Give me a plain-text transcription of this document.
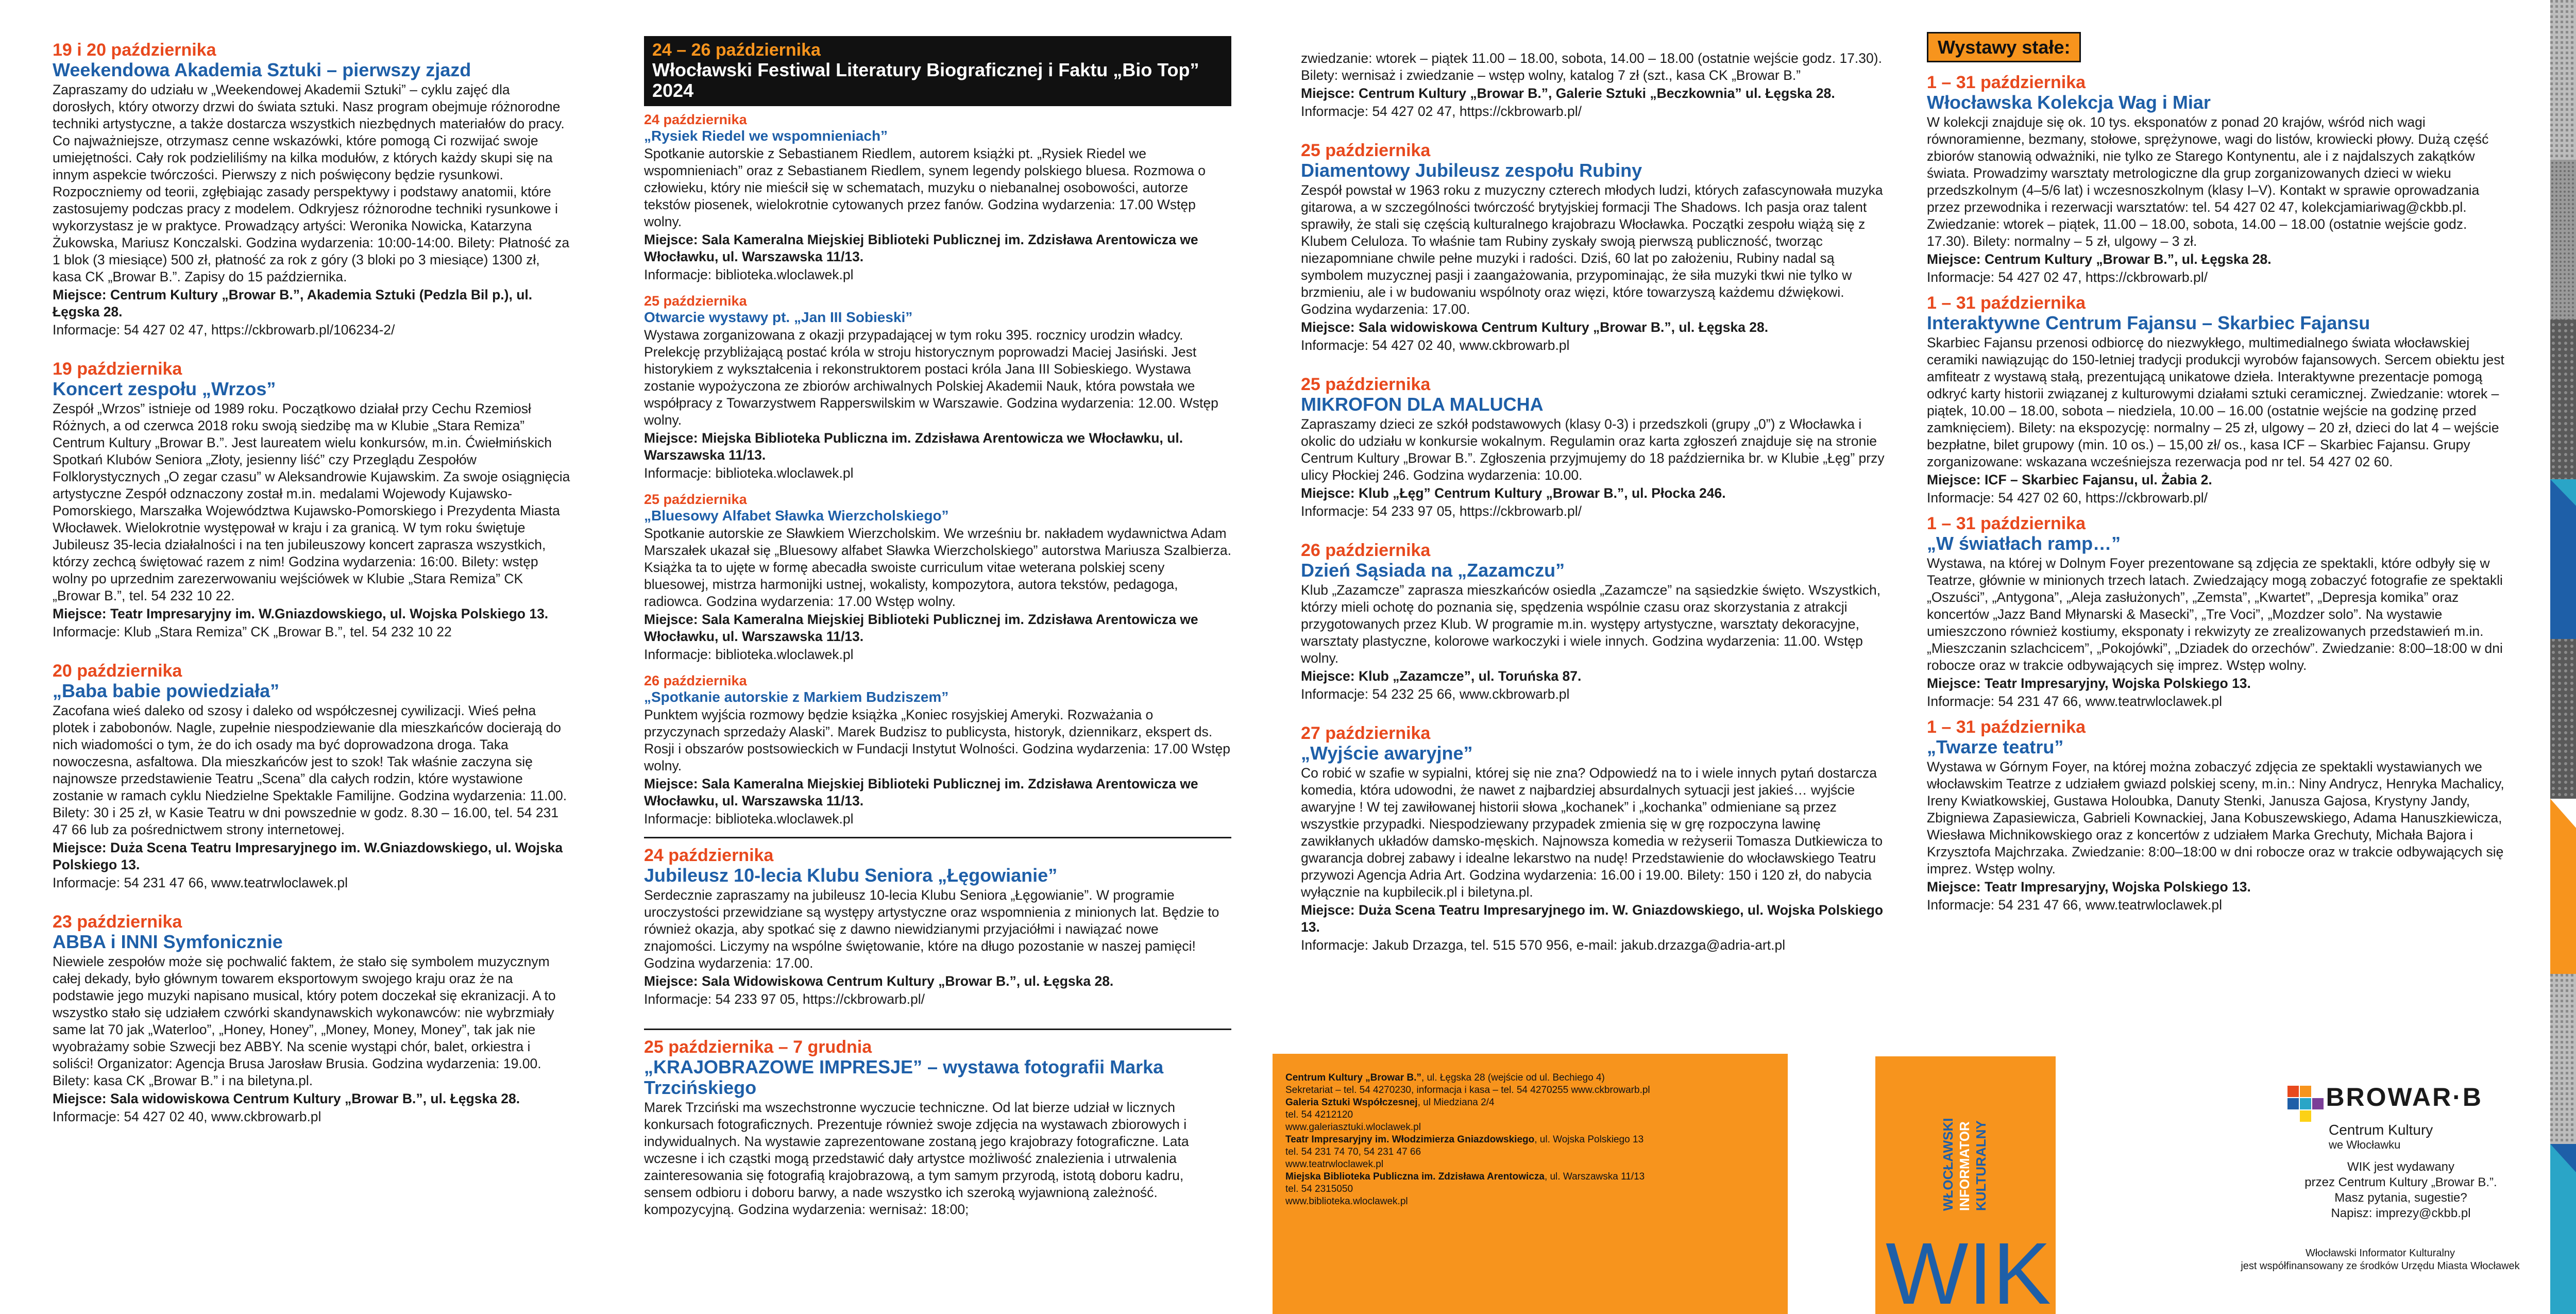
19 i 20 października
Weekendowa Akademia Sztuki – pierwszy zjazd
Zapraszamy do udziału w „Weekendowej Akademii Sztuki” – cyklu zajęć dla dorosłych, który otworzy drzwi do świata sztuki. Nasz program obejmuje różnorodne techniki artystyczne, a także dostarcza wszystkich niezbędnych materiałów do pracy. Co najważniejsze, otrzymasz cenne wskazówki, które pomogą Ci rozwijać swoje umiejętności. Cały rok podzieliliśmy na kilka modułów, z których każdy skupi się na innym aspekcie twórczości. Pierwszy z nich poświęcony będzie rysunkowi. Rozpoczniemy od teorii, zgłębiając zasady perspektywy i podstawy anatomii, które zastosujemy podczas pracy z modelem. Odkryjesz różnorodne techniki rysunkowe i wykorzystasz je w praktyce. Prowadzący artyści: Weronika Nowicka, Katarzyna Żukowska, Mariusz Konczalski. Godzina wydarzenia: 10:00-14:00. Bilety: Płatność za 1 blok (3 miesiące) 500 zł, płatność za rok z góry (3 bloki po 3 miesiące) 1300 zł, kasa CK „Browar B.”. Zapisy do 15 października.
Miejsce: Centrum Kultury „Browar B.”, Akademia Sztuki (Pedzla Bil p.), ul. Łęgska 28.
Informacje: 54 427 02 47, https://ckbrowarb.pl/106234-2/
19 października
Koncert zespołu „Wrzos”
Zespół „Wrzos” istnieje od 1989 roku. Początkowo działał przy Cechu Rzemiosł Różnych, a od czerwca 2018 roku swoją siedzibę ma w Klubie „Stara Remiza” Centrum Kultury „Browar B.”. Jest laureatem wielu konkursów, m.in. Ćwiełmińskich Spotkań Klubów Seniora „Złoty, jesienny liść” czy Przeglądu Zespołów Folklorystycznych „O zegar czasu” w Aleksandrowie Kujawskim. Za swoje osiągnięcia artystyczne Zespół odznaczony został m.in. medalami Wojewody Kujawsko-Pomorskiego, Marszałka Województwa Kujawsko-Pomorskiego i Prezydenta Miasta Włocławek. Wielokrotnie występował w kraju i za granicą. W tym roku świętuje Jubileusz 35-lecia działalności i na ten jubileuszowy koncert zaprasza wszystkich, którzy zechcą świętować razem z nim! Godzina wydarzenia: 16:00. Bilety: wstęp wolny po uprzednim zarezerwowaniu wejściówek w Klubie „Stara Remiza” CK „Browar B.”, tel. 54 232 10 22.
Miejsce: Teatr Impresaryjny im. W.Gniazdowskiego, ul. Wojska Polskiego 13.
Informacje: Klub „Stara Remiza” CK „Browar B.”, tel. 54 232 10 22
20 października
„Baba babie powiedziała”
Zacofana wieś daleko od szosy i daleko od współczesnej cywilizacji. Wieś pełna plotek i zabobonów. Nagle, zupełnie niespodziewanie dla mieszkańców docierają do nich wiadomości o tym, że do ich osady ma być doprowadzona droga. Taka nowoczesna, asfaltowa. Dla mieszkańców jest to szok! Tak właśnie zaczyna się najnowsze przedstawienie Teatru „Scena” dla całych rodzin, które wystawione zostanie w ramach cyklu Niedzielne Spektakle Familijne. Godzina wydarzenia: 11.00. Bilety: 30 i 25 zł, w Kasie Teatru w dni powszednie w godz. 8.30 – 16.00, tel. 54 231 47 66 lub za pośrednictwem strony internetowej.
Miejsce: Duża Scena Teatru Impresaryjnego im. W.Gniazdowskiego, ul. Wojska Polskiego 13.
Informacje: 54 231 47 66, www.teatrwloclawek.pl
23 października
ABBA i INNI Symfonicznie
Niewiele zespołów może się pochwalić faktem, że stało się symbolem muzycznym całej dekady, było głównym towarem eksportowym swojego kraju oraz że na podstawie jego muzyki napisano musical, który potem doczekał się ekranizacji. A to wszystko stało się udziałem czwórki skandynawskich wykonawców: nie wybrzmiały same lat 70 jak „Waterloo”, „Honey, Honey”, „Money, Money, Money”, tak jak nie wyobrażamy sobie Szwecji bez ABBY. Na scenie wystąpi chór, balet, orkiestra i soliści! Organizator: Agencja Brusa Jarosław Brusia. Godzina wydarzenia: 19.00. Bilety: kasa CK „Browar B.” i na biletyna.pl.
Miejsce: Sala widowiskowa Centrum Kultury „Browar B.”, ul. Łęgska 28.
Informacje: 54 427 02 40, www.ckbrowarb.pl
24 – 26 października
Włocławski Festiwal Literatury Biograficznej i Faktu „Bio Top” 2024
24 października
„Rysiek Riedel we wspomnieniach”
Spotkanie autorskie z Sebastianem Riedlem, autorem książki pt. „Rysiek Riedel we wspomnieniach” oraz z Sebastianem Riedlem, synem legendy polskiego bluesa. Rozmowa o człowieku, który nie mieścił się w schematach, muzyku o niebanalnej osobowości, autorze tekstów piosenek, wielokrotnie cytowanych przez fanów. Godzina wydarzenia: 17.00 Wstęp wolny.
Miejsce: Sala Kameralna Miejskiej Biblioteki Publicznej im. Zdzisława Arentowicza we Włocławku, ul. Warszawska 11/13.
Informacje: biblioteka.wloclawek.pl
25 października
Otwarcie wystawy pt. „Jan III Sobieski”
Wystawa zorganizowana z okazji przypadającej w tym roku 395. rocznicy urodzin władcy. Prelekcję przybliżającą postać króla w stroju historycznym poprowadzi Maciej Jasiński. Jest historykiem z wykształcenia i rekonstruktorem postaci króla Jana III Sobieskiego. Wystawa zostanie wypożyczona ze zbiorów archiwalnych Polskiej Akademii Nauk, która powstała we współpracy z Towarzystwem Rapperswilskim w Warszawie. Godzina wydarzenia: 12.00. Wstęp wolny.
Miejsce: Miejska Biblioteka Publiczna im. Zdzisława Arentowicza we Włocławku, ul. Warszawska 11/13.
Informacje: biblioteka.wloclawek.pl
25 października
„Bluesowy Alfabet Sławka Wierzcholskiego”
Spotkanie autorskie ze Sławkiem Wierzcholskim. We wrześniu br. nakładem wydawnictwa Adam Marszałek ukazał się „Bluesowy alfabet Sławka Wierzcholskiego” autorstwa Mariusza Szalbierza. Książka ta to ujęte w formę abecadła swoiste curriculum vitae weterana polskiej sceny bluesowej, mistrza harmonijki ustnej, wokalisty, kompozytora, autora tekstów, pedagoga, radiowca. Godzina wydarzenia: 17.00 Wstęp wolny.
Miejsce: Sala Kameralna Miejskiej Biblioteki Publicznej im. Zdzisława Arentowicza we Włocławku, ul. Warszawska 11/13.
Informacje: biblioteka.wloclawek.pl
26 października
„Spotkanie autorskie z Markiem Budziszem”
Punktem wyjścia rozmowy będzie książka „Koniec rosyjskiej Ameryki. Rozważania o przyczynach sprzedaży Alaski”. Marek Budzisz to publicysta, historyk, dziennikarz, ekspert ds. Rosji i obszarów postsowieckich w Fundacji Instytut Wolności. Godzina wydarzenia: 17.00 Wstęp wolny.
Miejsce: Sala Kameralna Miejskiej Biblioteki Publicznej im. Zdzisława Arentowicza we Włocławku, ul. Warszawska 11/13.
Informacje: biblioteka.wloclawek.pl
24 października
Jubileusz 10-lecia Klubu Seniora „Łęgowianie”
Serdecznie zapraszamy na jubileusz 10-lecia Klubu Seniora „Łęgowianie”. W programie uroczystości przewidziane są występy artystyczne oraz wspomnienia z minionych lat. Będzie to również okazja, aby spotkać się z dawno niewidzianymi przyjaciółmi i nawiązać nowe znajomości. Liczymy na wspólne świętowanie, które na długo pozostanie w naszej pamięci! Godzina wydarzenia: 17.00.
Miejsce: Sala Widowiskowa Centrum Kultury „Browar B.”, ul. Łęgska 28.
Informacje: 54 233 97 05, https://ckbrowarb.pl/
25 października – 7 grudnia
„KRAJOBRAZOWE IMPRESJE” – wystawa fotografii Marka Trzcińskiego
Marek Trzciński ma wszechstronne wyczucie techniczne. Od lat bierze udział w licznych konkursach fotograficznych. Prezentuje również swoje zdjęcia na wystawach zbiorowych i indywidualnych. Na wystawie zaprezentowane zostaną jego krajobrazy fotograficzne. Lata wczesne i ich cząstki mogą przedstawić dały artystce możliwość znalezienia i utrwalenia zainteresowania się fotografią krajobrazową, a tym samym przyrodą, istotą doboru kadru, sensem odbioru i doboru barwy, a nade wszystko ich szeroką wyjawnioną zależność. kompozycyjną. Godzina wydarzenia: wernisaż: 18:00;
zwiedzanie: wtorek – piątek 11.00 – 18.00, sobota, 14.00 – 18.00 (ostatnie wejście godz. 17.30). Bilety: wernisaż i zwiedzanie – wstęp wolny, katalog 7 zł (szt., kasa CK „Browar B.”
Miejsce: Centrum Kultury „Browar B.”, Galerie Sztuki „Beczkownia” ul. Łęgska 28.
Informacje: 54 427 02 47, https://ckbrowarb.pl/
25 października
Diamentowy Jubileusz zespołu Rubiny
Zespół powstał w 1963 roku z muzyczny czterech młodych ludzi, których zafascynowała muzyka gitarowa, a w szczególności twórczość brytyjskiej formacji The Shadows. Ich pasja oraz talent sprawiły, że stali się częścią kulturalnego krajobrazu Włocławka. Początki zespołu wiążą się z Klubem Celuloza. To właśnie tam Rubiny zyskały swoją pierwszą publiczność, tworząc niezapomniane chwile pełne muzyki i radości. Dziś, 60 lat po założeniu, Rubiny nadal są symbolem muzycznej pasji i zaangażowania, przypominając, że siła muzyki tkwi nie tylko w brzmieniu, ale i w budowaniu wspólnoty oraz więzi, które towarzyszą każdemu dźwiękowi. Godzina wydarzenia: 17.00.
Miejsce: Sala widowiskowa Centrum Kultury „Browar B.”, ul. Łęgska 28.
Informacje: 54 427 02 40, www.ckbrowarb.pl
25 października
MIKROFON DLA MALUCHA
Zapraszamy dzieci ze szkół podstawowych (klasy 0-3) i przedszkoli (grupy „0”) z Włocławka i okolic do udziału w konkursie wokalnym. Regulamin oraz karta zgłoszeń znajduje się na stronie Centrum Kultury „Browar B.”. Zgłoszenia przyjmujemy do 18 października br. w Klubie „Łęg” przy ulicy Płockiej 246. Godzina wydarzenia: 10.00.
Miejsce: Klub „Łęg” Centrum Kultury „Browar B.”, ul. Płocka 246.
Informacje: 54 233 97 05, https://ckbrowarb.pl/
26 października
Dzień Sąsiada na „Zazamczu”
Klub „Zazamcze” zaprasza mieszkańców osiedla „Zazamcze” na sąsiedzkie święto. Wszystkich, którzy mieli ochotę do poznania się, spędzenia wspólnie czasu oraz skorzystania z atrakcji przygotowanych przez Klub. W programie m.in. występy artystyczne, warsztaty dekoracyjne, warsztaty plastyczne, kolorowe warkoczyki i wiele innych. Godzina wydarzenia: 11.00. Wstęp wolny.
Miejsce: Klub „Zazamcze”, ul. Toruńska 87.
Informacje: 54 232 25 66, www.ckbrowarb.pl
27 października
„Wyjście awaryjne”
Co robić w szafie w sypialni, której się nie zna? Odpowiedź na to i wiele innych pytań dostarcza komedia, która udowodni, że nawet z najbardziej absurdalnych sytuacji jest jakieś… wyjście awaryjne ! W tej zawiłowanej historii słowa „kochanek” i „kochanka” odmieniane są przez wszystkie przypadki. Niespodziewany przypadek zmienia się w grę rozpoczyna lawinę zawikłanych układów damsko-męskich. Najnowsza komedia w reżyserii Tomasza Dutkiewicza to gwarancja dobrej zabawy i idealne lekarstwo na nudę! Przedstawienie do włocławskiego Teatru przywozi Agencja Adria Art. Godzina wydarzenia: 16.00 i 19.00. Bilety: 150 i 120 zł, do nabycia wyłącznie na kupbilecik.pl i biletyna.pl.
Miejsce: Duża Scena Teatru Impresaryjnego im. W. Gniazdowskiego, ul. Wojska Polskiego 13.
Informacje: Jakub Drzazga, tel. 515 570 956, e-mail: jakub.drzazga@adria-art.pl
Wystawy stałe:
1 – 31 października
Włocławska Kolekcja Wag i Miar
W kolekcji znajduje się ok. 10 tys. eksponatów z ponad 20 krajów, wśród nich wagi równoramienne, bezmany, stołowe, sprężynowe, wagi do listów, krowiecki płowy. Dużą część zbiorów stanowią odważniki, nie tylko ze Starego Kontynentu, ale i z najdalszych zakątków świata. Prowadzimy warsztaty metrologiczne dla grup zorganizowanych dzieci w wieku przedszkolnym (4–5/6 lat) i wczesnoszkolnym (klasy I–V). Kontakt w sprawie oprowadzania przez przewodnika i rezerwacji warsztatów: tel. 54 427 02 47, kolekcjamiariwag@ckbb.pl. Zwiedzanie: wtorek – piątek, 11.00 – 18.00, sobota, 14.00 – 18.00 (ostatnie wejście godz. 17.30). Bilety: normalny – 5 zł, ulgowy – 3 zł.
Miejsce: Centrum Kultury „Browar B.”, ul. Łęgska 28.
Informacje: 54 427 02 47, https://ckbrowarb.pl/
1 – 31 października
Interaktywne Centrum Fajansu – Skarbiec Fajansu
Skarbiec Fajansu przenosi odbiorcę do niezwykłego, multimedialnego świata włocławskiej ceramiki nawiązując do 150-letniej tradycji produkcji wyrobów fajansowych. Sercem obiektu jest amfiteatr z wystawą stałą, prezentującą unikatowe dzieła. Interaktywne prezentacje pomogą odkryć karty historii związanej z kulturowymi działami sztuki ceramicznej. Zwiedzanie: wtorek – piątek, 10.00 – 18.00, sobota – niedziela, 10.00 – 16.00 (ostatnie wejście na godzinę przed zamknięciem). Bilety: na ekspozycję: normalny – 25 zł, ulgowy – 20 zł, dzieci do lat 4 – wejście bezpłatne, bilet grupowy (min. 10 os.) – 15,00 zł/ os., kasa ICF – Skarbiec Fajansu. Grupy zorganizowane: wskazana wcześniejsza rezerwacja pod nr tel. 54 427 02 60.
Miejsce: ICF – Skarbiec Fajansu, ul. Żabia 2.
Informacje: 54 427 02 60, https://ckbrowarb.pl/
1 – 31 października
„W światłach ramp…”
Wystawa, na której w Dolnym Foyer prezentowane są zdjęcia ze spektakli, które odbyły się w Teatrze, głównie w minionych trzech latach. Zwiedzający mogą zobaczyć fotografie ze spektakli „Oszuści”, „Antygona”, „Aleja zasłużonych”, „Zemsta”, „Kwartet”, „Depresja komika” oraz koncertów „Jazz Band Młynarski & Masecki”, „Tre Voci”, „Mozdzer solo”. Na wystawie umieszczono również kostiumy, eksponaty i rekwizyty ze zrealizowanych przedstawień m.in. „Mieszczanin szlachcicem”, „Pokojówki”, „Dziadek do orzechów”. Zwiedzanie: 8:00–18:00 w dni robocze oraz w trakcie odbywających się imprez. Wstęp wolny.
Miejsce: Teatr Impresaryjny, Wojska Polskiego 13.
Informacje: 54 231 47 66, www.teatrwloclawek.pl
1 – 31 października
„Twarze teatru”
Wystawa w Górnym Foyer, na której można zobaczyć zdjęcia ze spektakli wystawianych we włocławskim Teatrze z udziałem gwiazd polskiej sceny, m.in.: Niny Andrycz, Henryka Machalicy, Ireny Kwiatkowskiej, Gustawa Holoubka, Danuty Stenki, Janusza Gajosa, Krystyny Jandy, Zbigniewa Zapasiewicza, Gabrieli Kownackiej, Jana Kobuszewskiego, Adama Hanuszkiewicza, Wiesława Michnikowskiego oraz z koncertów z udziałem Marka Grechuty, Michała Bajora i Krzysztofa Majchrzaka. Zwiedzanie: 8:00–18:00 w dni robocze oraz w trakcie odbywających się imprez. Wstęp wolny.
Miejsce: Teatr Impresaryjny, Wojska Polskiego 13.
Informacje: 54 231 47 66, www.teatrwloclawek.pl
Centrum Kultury „Browar B.”, ul. Łęgska 28 (wejście od ul. Bechiego 4)
Sekretariat – tel. 54 4270230, informacja i kasa – tel. 54 4270255 www.ckbrowarb.pl
Galeria Sztuki Współczesnej, ul Miedziana 2/4
tel. 54 4212120
www.galeriasztuki.wloclawek.pl
Teatr Impresaryjny im. Włodzimierza Gniazdowskiego, ul. Wojska Polskiego 13
tel. 54 231 74 70, 54 231 47 66
www.teatrwloclawek.pl
Miejska Biblioteka Publiczna im. Zdzisława Arentowicza, ul. Warszawska 11/13
tel. 54 2315050
www.biblioteka.wloclawek.pl	WŁOCŁAWSKI INFORMATOR KULTURALNY
WIK
BROWAR·B
Centrum Kultury
we Włocławku
WIK jest wydawany
przez Centrum Kultury „Browar B.”.
Masz pytania, sugestie?
Napisz: imprezy@ckbb.pl
Włocławski Informator Kulturalny
jest współfinansowany ze środków Urzędu Miasta Włocławek
